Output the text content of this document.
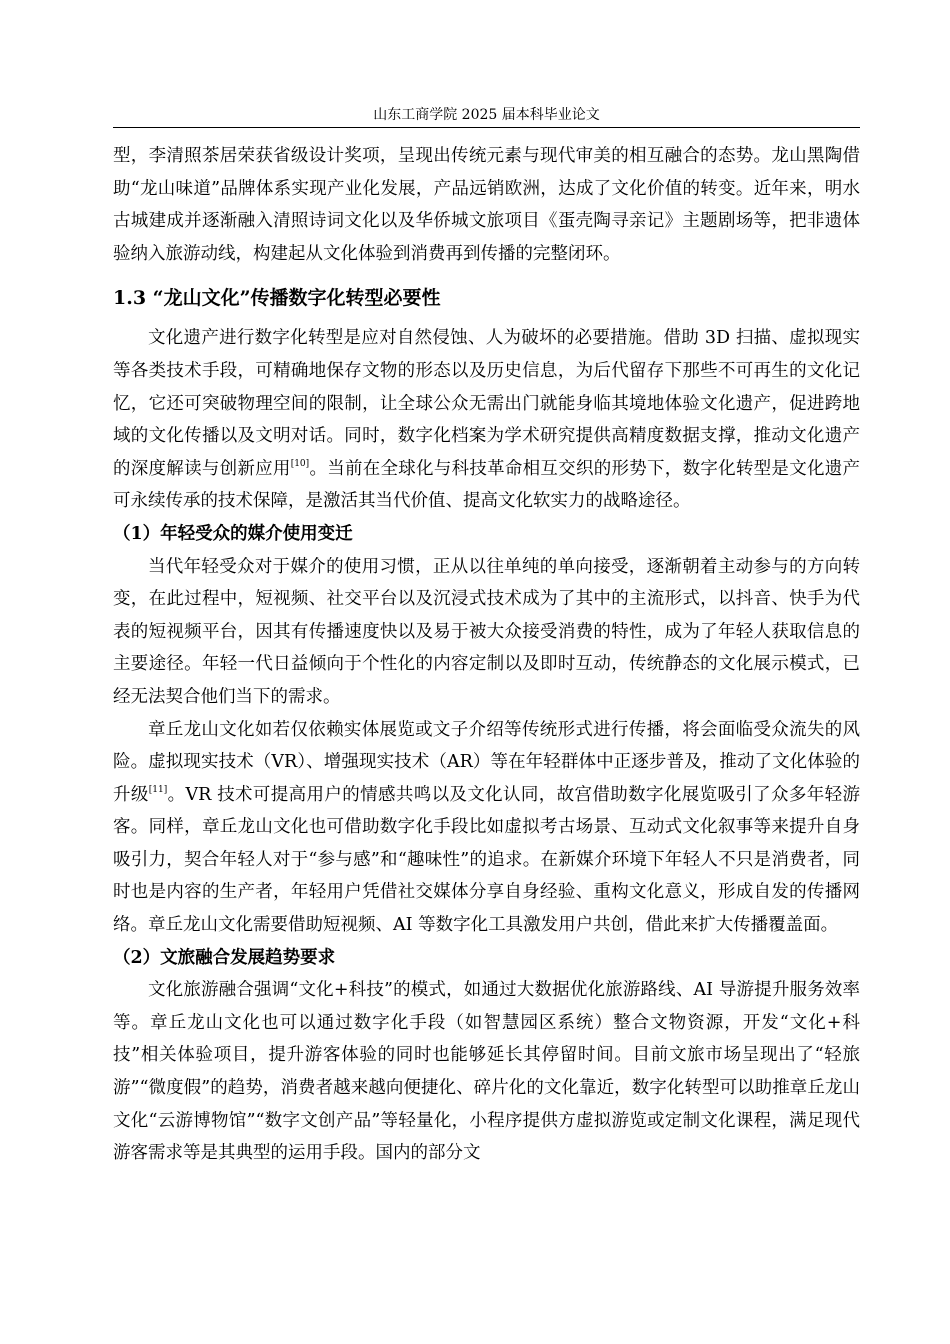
山东工商学院 2025 届本科毕业论文

型，李清照茶居荣获省级设计奖项，呈现出传统元素与现代审美的相互融合的态势。龙山黑陶借助“龙山味道”品牌体系实现产业化发展，产品远销欧洲，达成了文化价值的转变。近年来，明水古城建成并逐渐融入清照诗词文化以及华侨城文旅项目《蛋壳陶寻亲记》主题剧场等，把非遗体验纳入旅游动线，构建起从文化体验到消费再到传播的完整闭环。

1.3 “龙山文化”传播数字化转型必要性

文化遗产进行数字化转型是应对自然侵蚀、人为破坏的必要措施。借助 3D 扫描、虚拟现实等各类技术手段，可精确地保存文物的形态以及历史信息，为后代留存下那些不可再生的文化记忆，它还可突破物理空间的限制，让全球公众无需出门就能身临其境地体验文化遗产，促进跨地域的文化传播以及文明对话。同时，数字化档案为学术研究提供高精度数据支撑，推动文化遗产的深度解读与创新应用[10]。当前在全球化与科技革命相互交织的形势下，数字化转型是文化遗产可永续传承的技术保障，是激活其当代价值、提高文化软实力的战略途径。

（1）年轻受众的媒介使用变迁

当代年轻受众对于媒介的使用习惯，正从以往单纯的单向接受，逐渐朝着主动参与的方向转变，在此过程中，短视频、社交平台以及沉浸式技术成为了其中的主流形式，以抖音、快手为代表的短视频平台，因其有传播速度快以及易于被大众接受消费的特性，成为了年轻人获取信息的主要途径。年轻一代日益倾向于个性化的内容定制以及即时互动，传统静态的文化展示模式，已经无法契合他们当下的需求。

章丘龙山文化如若仅依赖实体展览或文子介绍等传统形式进行传播，将会面临受众流失的风险。虚拟现实技术（VR）、增强现实技术（AR）等在年轻群体中正逐步普及，推动了文化体验的升级[11]。VR 技术可提高用户的情感共鸣以及文化认同，故宫借助数字化展览吸引了众多年轻游客。同样，章丘龙山文化也可借助数字化手段比如虚拟考古场景、互动式文化叙事等来提升自身吸引力，契合年轻人对于“参与感”和“趣味性”的追求。在新媒介环境下年轻人不只是消费者，同时也是内容的生产者，年轻用户凭借社交媒体分享自身经验、重构文化意义，形成自发的传播网络。章丘龙山文化需要借助短视频、AI 等数字化工具激发用户共创，借此来扩大传播覆盖面。

（2）文旅融合发展趋势要求

文化旅游融合强调“文化+科技”的模式，如通过大数据优化旅游路线、AI 导游提升服务效率等。章丘龙山文化也可以通过数字化手段（如智慧园区系统）整合文物资源，开发“文化+科技”相关体验项目，提升游客体验的同时也能够延长其停留时间。目前文旅市场呈现出了“轻旅游”“微度假”的趋势，消费者越来越向便捷化、碎片化的文化靠近，数字化转型可以助推章丘龙山文化“云游博物馆”“数字文创产品”等轻量化，小程序提供方虚拟游览或定制文化课程，满足现代游客需求等是其典型的运用手段。国内的部分文
